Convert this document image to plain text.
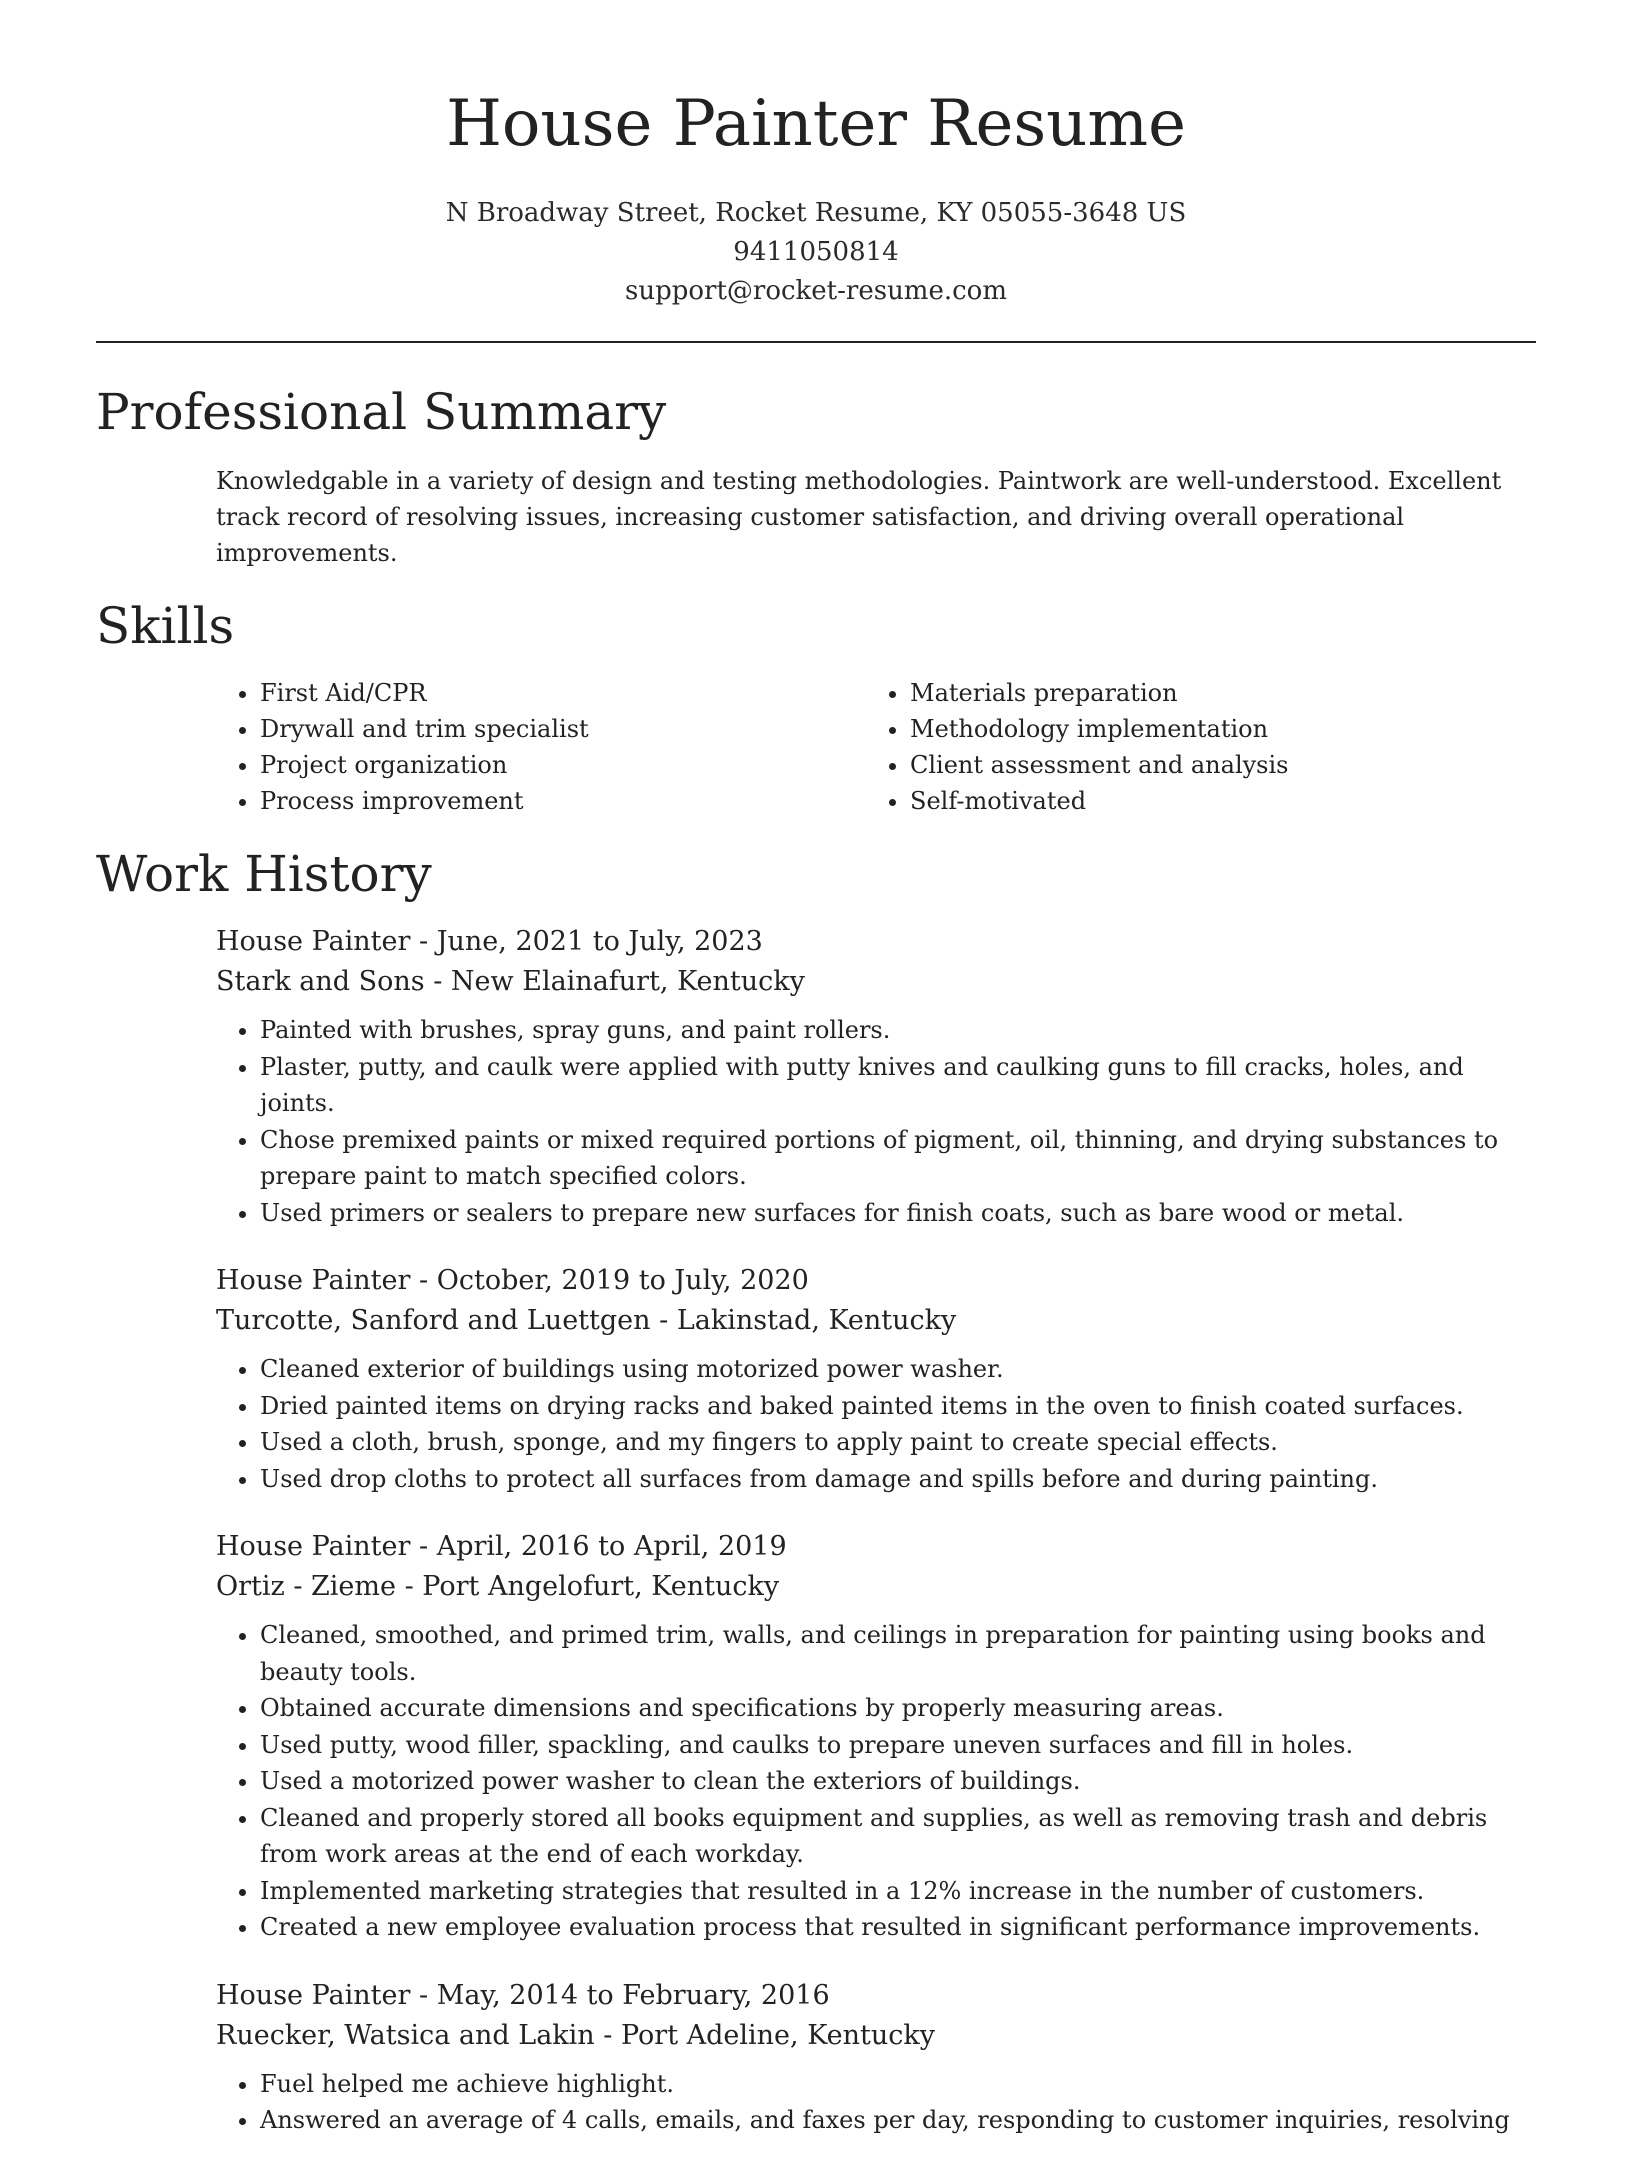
House Painter Resume

N Broadway Street, Rocket Resume, KY 05055-3648 US

9411050814

support@rocket-resume.com

Professional Summary

Knowledgable in a variety of design and testing methodologies. Paintwork are well-understood. Excellent track record of resolving issues, increasing customer satisfaction, and driving overall operational improvements.

Skills
• First Aid/CPR
• Drywall and trim specialist
• Project organization
• Process improvement
• Materials preparation
• Methodology implementation
• Client assessment and analysis
• Self-motivated
Work History

House Painter - June, 2021 to July, 2023

Stark and Sons - New Elainafurt, Kentucky

• Painted with brushes, spray guns, and paint rollers.
• Plaster, putty, and caulk were applied with putty knives and caulking guns to fill cracks, holes, and joints.
• Chose premixed paints or mixed required portions of pigment, oil, thinning, and drying substances to prepare paint to match specified colors.
• Used primers or sealers to prepare new surfaces for finish coats, such as bare wood or metal.

House Painter - October, 2019 to July, 2020

Turcotte, Sanford and Luettgen - Lakinstad, Kentucky

• Cleaned exterior of buildings using motorized power washer.
• Dried painted items on drying racks and baked painted items in the oven to finish coated surfaces.
• Used a cloth, brush, sponge, and my fingers to apply paint to create special effects.
• Used drop cloths to protect all surfaces from damage and spills before and during painting.

House Painter - April, 2016 to April, 2019

Ortiz - Zieme - Port Angelofurt, Kentucky

• Cleaned, smoothed, and primed trim, walls, and ceilings in preparation for painting using books and beauty tools.
• Obtained accurate dimensions and specifications by properly measuring areas.
• Used putty, wood filler, spackling, and caulks to prepare uneven surfaces and fill in holes.
• Used a motorized power washer to clean the exteriors of buildings.
• Cleaned and properly stored all books equipment and supplies, as well as removing trash and debris from work areas at the end of each workday.
• Implemented marketing strategies that resulted in a 12% increase in the number of customers.
• Created a new employee evaluation process that resulted in significant performance improvements.

House Painter - May, 2014 to February, 2016

Ruecker, Watsica and Lakin - Port Adeline, Kentucky

• Fuel helped me achieve highlight.
• Answered an average of 4 calls, emails, and faxes per day, responding to customer inquiries, resolving
